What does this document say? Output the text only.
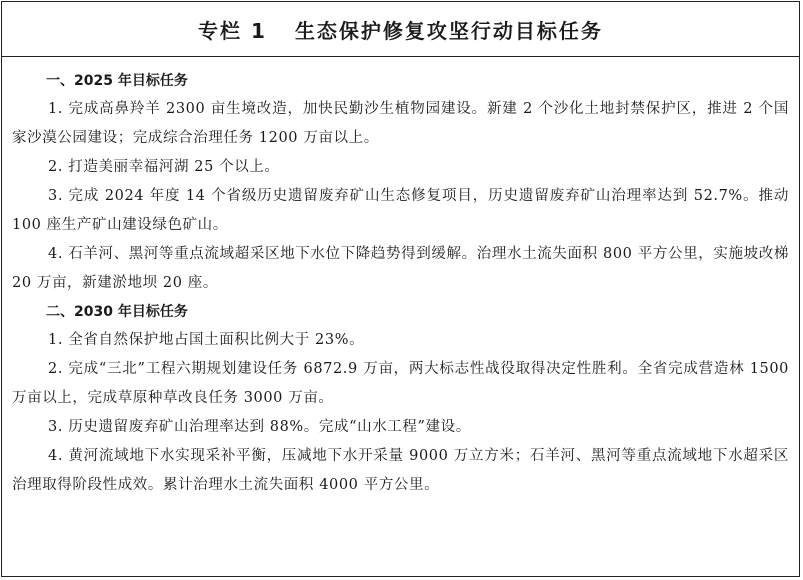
专栏 1 生态保护修复攻坚行动目标任务
一、2025 年目标任务

1. 完成高鼻羚羊 2300 亩生境改造，加快民勤沙生植物园建设。新建 2 个沙化土地封禁保护区，推进 2 个国家沙漠公园建设；完成综合治理任务 1200 万亩以上。

2. 打造美丽幸福河湖 25 个以上。

3. 完成 2024 年度 14 个省级历史遗留废弃矿山生态修复项目，历史遗留废弃矿山治理率达到 52.7%。推动 100 座生产矿山建设绿色矿山。

4. 石羊河、黑河等重点流域超采区地下水位下降趋势得到缓解。治理水土流失面积 800 平方公里，实施坡改梯 20 万亩，新建淤地坝 20 座。

二、2030 年目标任务

1. 全省自然保护地占国土面积比例大于 23%。

2. 完成“三北”工程六期规划建设任务 6872.9 万亩，两大标志性战役取得决定性胜利。全省完成营造林 1500 万亩以上，完成草原种草改良任务 3000 万亩。

3. 历史遗留废弃矿山治理率达到 88%。完成“山水工程”建设。

4. 黄河流域地下水实现采补平衡，压减地下水开采量 9000 万立方米；石羊河、黑河等重点流域地下水超采区治理取得阶段性成效。累计治理水土流失面积 4000 平方公里。
